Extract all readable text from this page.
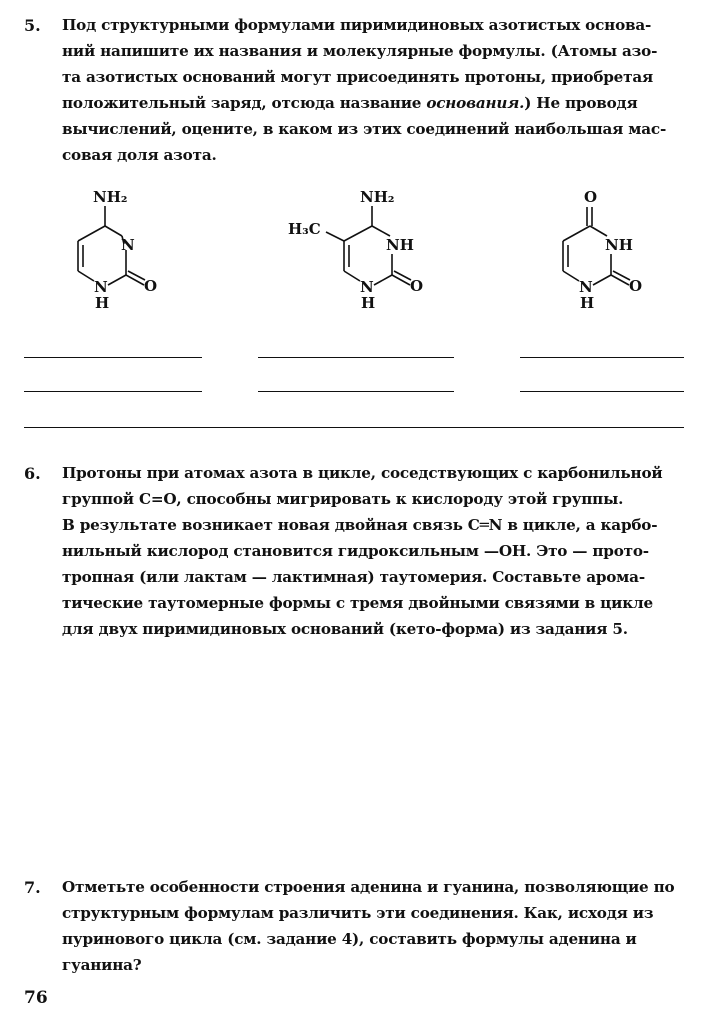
5. Под структурными формулами пиримидиновых азотистых основа-
ний напишите их названия и молекулярные формулы. (Атомы азо-
та азотистых оснований могут присоединять протоны, приобретая
положительный заряд, отсюда название основания.) Не проводя
вычислений, оцените, в каком из этих соединений наибольшая мас-
совая доля азота.
NH₂
N
N
H
O
NH₂
H₃C
NH
N
H
O
O
NH
N
H
O
6. Протоны при атомах азота в цикле, соседствующих с карбонильной
группой С=О, способны мигрировать к кислороду этой группы.
В результате возникает новая двойная связь С═N в цикле, а карбо-
нильный кислород становится гидроксильным —ОН. Это — прото-
тропная (или лактам — лактимная) таутомерия. Составьте арома-
тические таутомерные формы с тремя двойными связями в цикле
для двух пиримидиновых оснований (кето-форма) из задания 5.
7. Отметьте особенности строения аденина и гуанина, позволяющие по
структурным формулам различить эти соединения. Как, исходя из
пуринового цикла (см. задание 4), составить формулы аденина и
гуанина?
76
